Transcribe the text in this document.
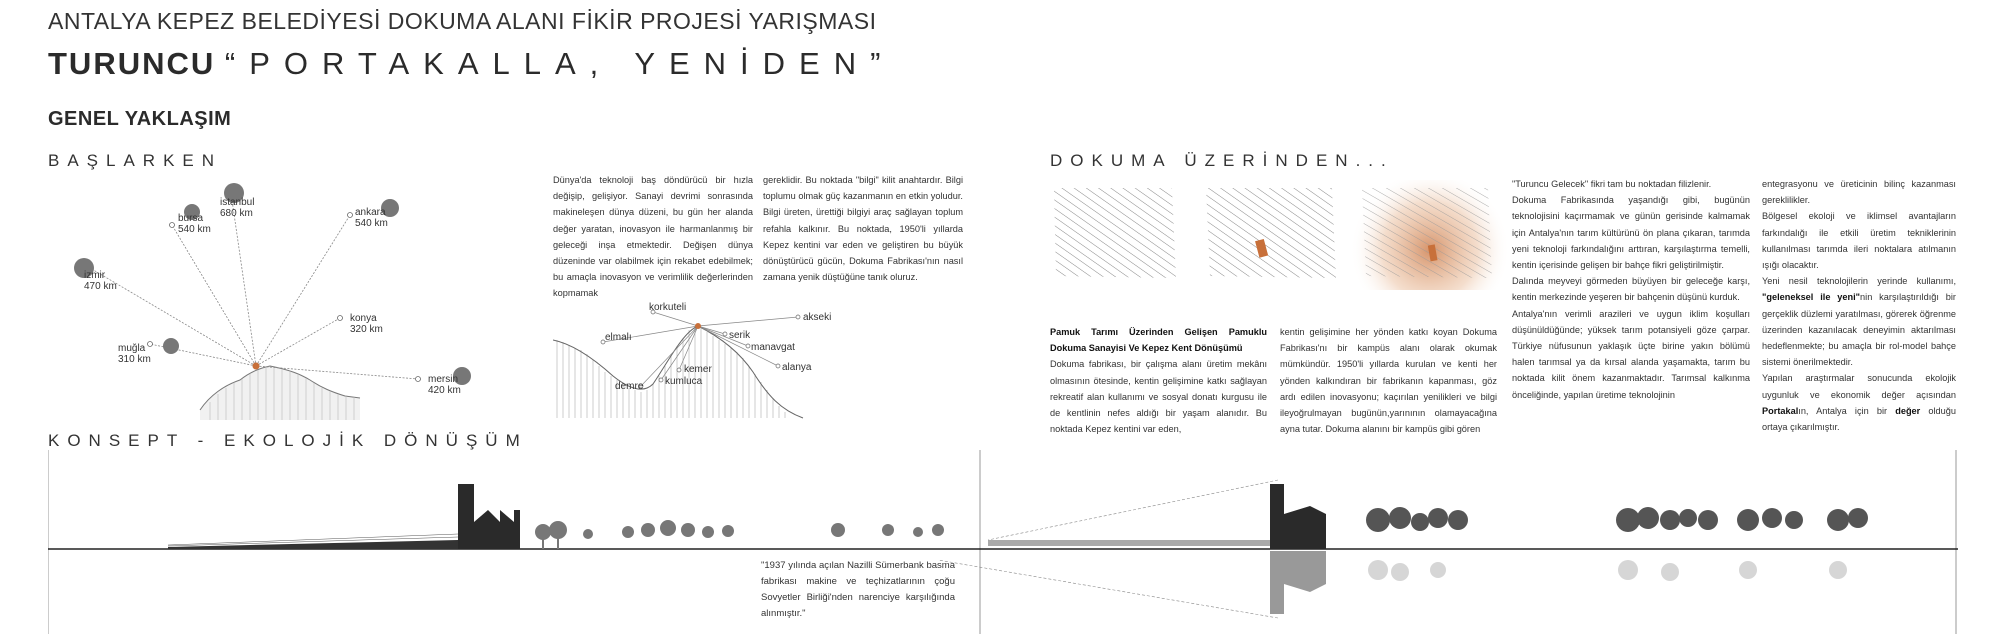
ANTALYA KEPEZ BELEDİYESİ DOKUMA ALANI FİKİR PROJESİ YARIŞMASI
TURUNCU “PORTAKALLA, YENİDEN”
GENEL YAKLAŞIM
BAŞLARKEN	DOKUMA ÜZERİNDEN...
KONSEPT - EKOLOJİK DÖNÜŞÜM
istanbul
680 km
bursa
540 km
ankara
540 km
izmir
470 km
konya
320 km
muğla
310 km
mersin
420 km

Dünya'da teknoloji baş döndürücü bir hızla değişip, gelişiyor. Sanayi devrimi sonrasında makineleşen dünya düzeni, bu gün her alanda değer yaratan, inovasyon ile harmanlanmış bir geleceği inşa etmektedir. Değişen dünya düzeninde var olabilmek için rekabet edebilmek; bu amaçla inovasyon ve verimlilik değerlerinden kopmamak

gereklidir. Bu noktada "bilgi" kilit anahtardır. Bilgi toplumu olmak güç kazanmanın en etkin yoludur. Bilgi üreten, ürettiği bilgiyi araç sağlayan toplum refahla kalkınır. Bu noktada, 1950'li yıllarda Kepez kentini var eden ve geliştiren bu büyük dönüştürücü gücün, Dokuma Fabrikası'nın nasıl zamana yenik düştüğüne tanık oluruz.

korkuteli
akseki
elmalı	serik
manavgat
kemer	alanya
demre kumluca

Pamuk Tarımı Üzerinden Gelişen Pamuklu Dokuma Sanayisi Ve Kepez Kent Dönüşümü

Dokuma fabrikası, bir çalışma alanı üretim mekânı olmasının ötesinde, kentin gelişimine katkı sağlayan rekreatif alan kullanımı ve sosyal donatı kurgusu ile de kentlinin nefes aldığı bir yaşam alanıdır. Bu noktada Kepez kentini var eden,

kentin gelişimine her yönden katkı koyan Dokuma Fabrikası'nı bir kampüs alanı olarak okumak mümkündür. 1950'li yıllarda kurulan ve kenti her yönden kalkındıran bir fabrikanın kapanması, göz ardı edilen inovasyonu; kaçırılan yenilikleri ve bilgi ileyoğrulmayan bugünün,yarınının olamayacağına ayna tutar. Dokuma alanını bir kampüs gibi gören

"Turuncu Gelecek" fikri tam bu noktadan filizlenir.

Dokuma Fabrikasında yaşandığı gibi, bugünün teknolojisini kaçırmamak ve günün gerisinde kalmamak için Antalya'nın tarım kültürünü ön plana çıkaran, tarımda yeni teknoloji farkındalığını arttıran, karşılaştırma temelli, kentin içerisinde gelişen bir bahçe fikri geliştirilmiştir.

Dalında meyveyi görmeden büyüyen bir geleceğe karşı, kentin merkezinde yeşeren bir bahçenin düşünü kurduk.

Antalya'nın verimli arazileri ve uygun iklim koşulları düşünüldüğünde; yüksek tarım potansiyeli göze çarpar. Türkiye nüfusunun yaklaşık üçte birine yakın bölümü halen tarımsal ya da kırsal alanda yaşamakta, tarım bu noktada kilit önem kazanmaktadır. Tarımsal kalkınma önceliğinde, yapılan üretime teknolojinin

entegrasyonu ve üreticinin bilinç kazanması gereklilikler.

Bölgesel ekoloji ve iklimsel avantajların farkındalığı ile etkili üretim tekniklerinin kullanılması tarımda ileri noktalara atılmanın ışığı olacaktır.

Yeni nesil teknolojilerin yerinde kullanımı, "geleneksel ile yeni"nin karşılaştırıldığı bir gerçeklik düzlemi yaratılması, görerek öğrenme üzerinden kazanılacak deneyimin aktarılması hedeflenmekte; bu amaçla bir rol-model bahçe sistemi önerilmektedir.

Yapılan araştırmalar sonucunda ekolojik uygunluk ve ekonomik değer açısından Portakalın, Antalya için bir değer olduğu ortaya çıkarılmıştır.

"1937 yılında açılan Nazilli Sümerbank basma fabrikası makine ve teçhizatlarının çoğu Sovyetler Birliği'nden narenciye karşılığında alınmıştır."
